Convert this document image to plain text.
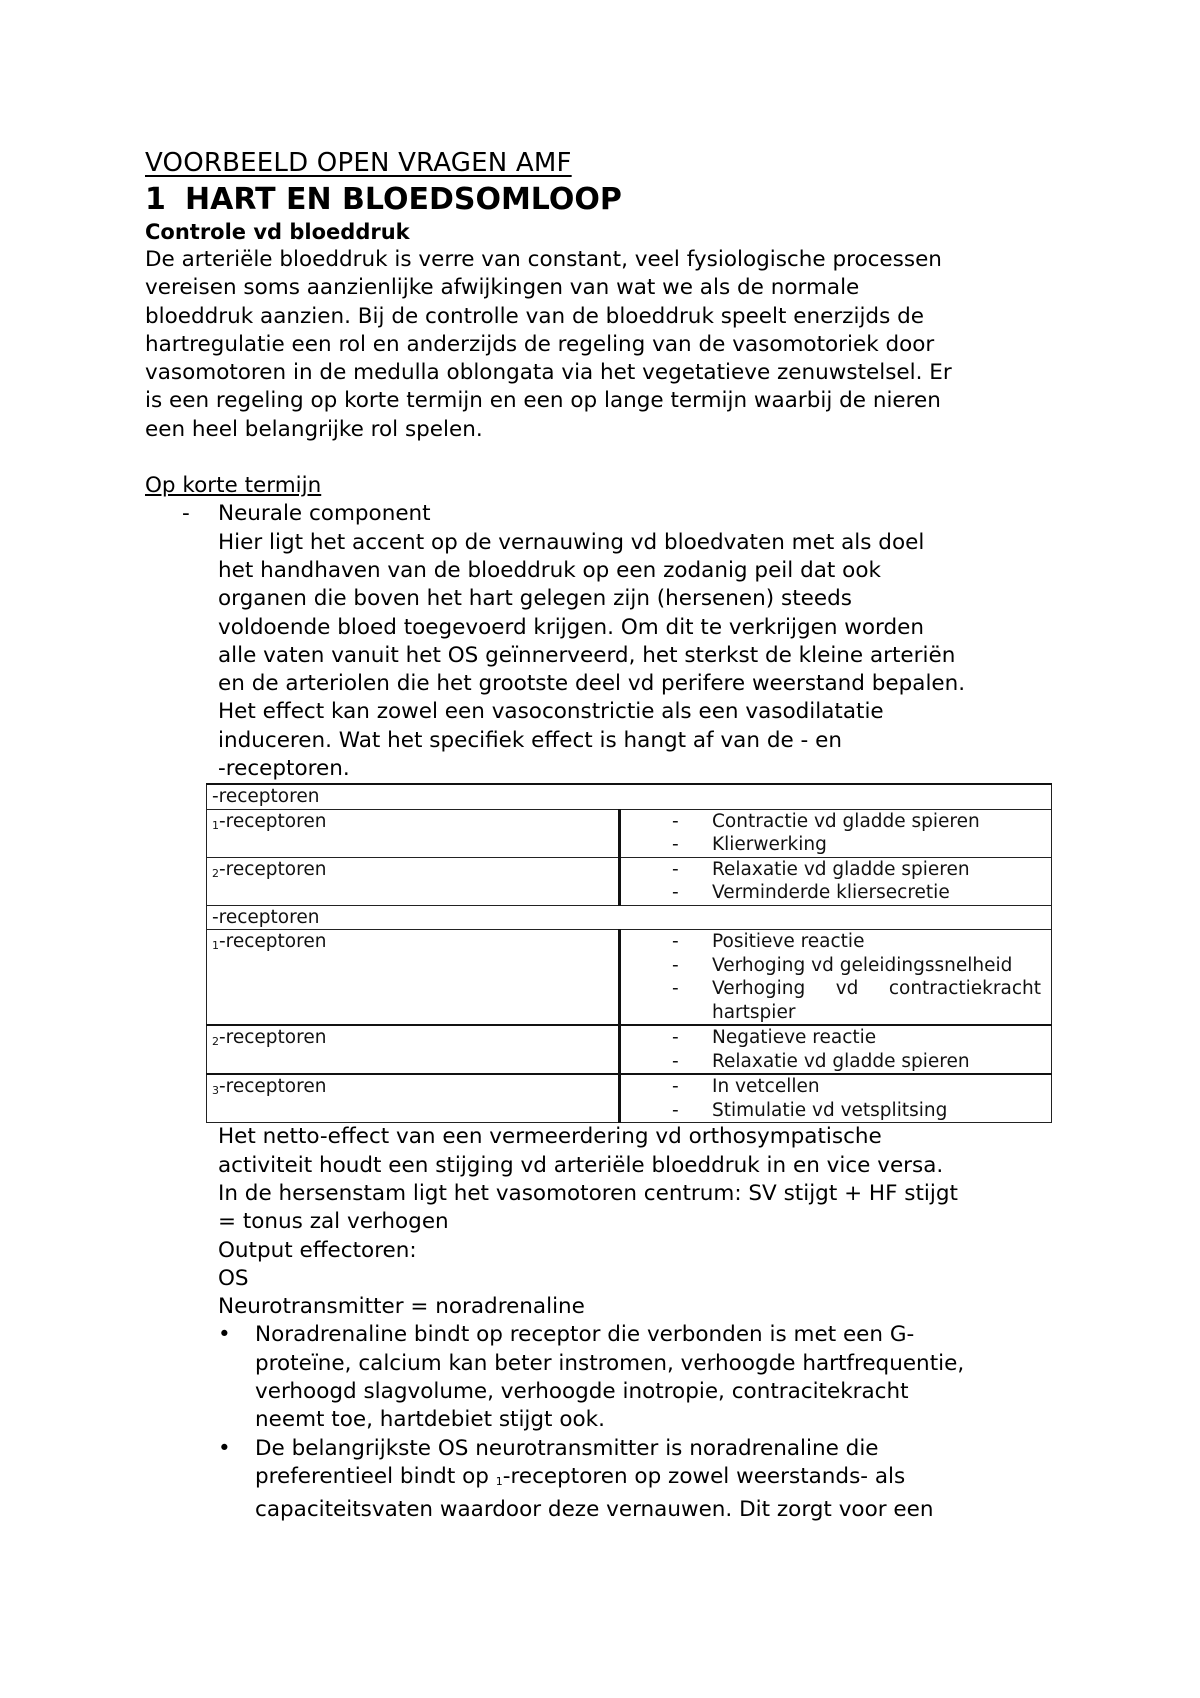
VOORBEELD OPEN VRAGEN AMF
1 HART EN BLOEDSOMLOOP
Controle vd bloeddruk

De arteriële bloeddruk is verre van constant, veel fysiologische processen

vereisen soms aanzienlijke afwijkingen van wat we als de normale

bloeddruk aanzien. Bij de controlle van de bloeddruk speelt enerzijds de

hartregulatie een rol en anderzijds de regeling van de vasomotoriek door

vasomotoren in de medulla oblongata via het vegetatieve zenuwstelsel. Er

is een regeling op korte termijn en een op lange termijn waarbij de nieren

een heel belangrijke rol spelen.

Op korte termijn
- Neurale component

Hier ligt het accent op de vernauwing vd bloedvaten met als doel

het handhaven van de bloeddruk op een zodanig peil dat ook

organen die boven het hart gelegen zijn (hersenen) steeds

voldoende bloed toegevoerd krijgen. Om dit te verkrijgen worden

alle vaten vanuit het OS geïnnerveerd, het sterkst de kleine arteriën

en de arteriolen die het grootste deel vd perifere weerstand bepalen.

Het effect kan zowel een vasoconstrictie als een vasodilatatie

induceren. Wat het specifiek effect is hangt af van de - en

-receptoren.

-receptoren	
$_1$-receptoren	- Contractie vd gladde spieren
- Klierwerking

$_2$-receptoren	- Relaxatie vd gladde spieren
- Verminderde kliersecretie

-receptoren	
$_1$-receptoren	- Positieve reactie
- Verhoging vd geleidingssnelheid
- Verhoging vd contractiekracht hartspier

$_2$-receptoren	- Negatieve reactie
- Relaxatie vd gladde spieren

$_3$-receptoren	- In vetcellen
- Stimulatie vd vetsplitsing

Het netto-effect van een vermeerdering vd orthosympatische

activiteit houdt een stijging vd arteriële bloeddruk in en vice versa.

In de hersenstam ligt het vasomotoren centrum: SV stijgt + HF stijgt

= tonus zal verhogen

Output effectoren:

OS

Neurotransmitter = noradrenaline

• Noradrenaline bindt op receptor die verbonden is met een G-

proteïne, calcium kan beter instromen, verhoogde hartfrequentie,

verhoogd slagvolume, verhoogde inotropie, contracitekracht

neemt toe, hartdebiet stijgt ook.

• De belangrijkste OS neurotransmitter is noradrenaline die

preferentieel bindt op $_1$-receptoren op zowel weerstands- als

capaciteitsvaten waardoor deze vernauwen. Dit zorgt voor een
